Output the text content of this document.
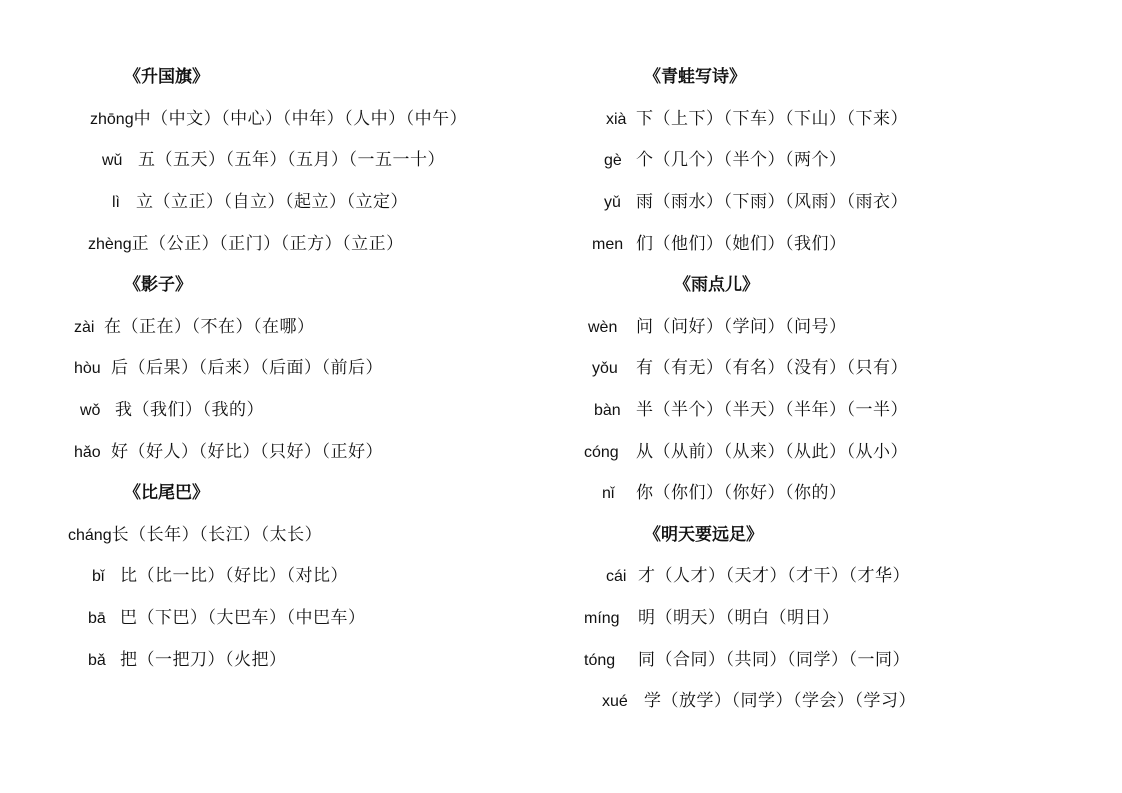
《升国旗》
zhōng中（中文）（中心）（中年）（人中）（中午）
wǔ 五（五天）（五年）（五月）（一五一十）
lì 立（立正）（自立）（起立）（立定）
zhèng正（公正）（正门）（正方）（立正）
《影子》
zài 在（正在）（不在）（在哪）
hòu 后（后果）（后来）（后面）（前后）
wǒ 我（我们）（我的）
hǎo 好（好人）（好比）（只好）（正好）
《比尾巴》
cháng长（长年）（长江）（太长）
bǐ 比（比一比）（好比）（对比）
bā 巴（下巴）（大巴车）（中巴车）
bǎ 把（一把刀）（火把）
《青蛙写诗》
xià 下（上下）（下车）（下山）（下来）
gè 个（几个）（半个）（两个）
yǔ 雨（雨水）（下雨）（风雨）（雨衣）
men 们（他们）（她们）（我们）
《雨点儿》
wèn 问（问好）（学问）（问号）
yǒu 有（有无）（有名）（没有）（只有）
bàn 半（半个）（半天）（半年）（一半）
cóng 从（从前）（从来）（从此）（从小）
nǐ 你（你们）（你好）（你的）
《明天要远足》
cái 才（人才）（天才）（才干）（才华）
míng 明（明天）（明白（明日）
tóng 同（合同）（共同）（同学）（一同）
xué 学（放学）（同学）（学会）（学习）
